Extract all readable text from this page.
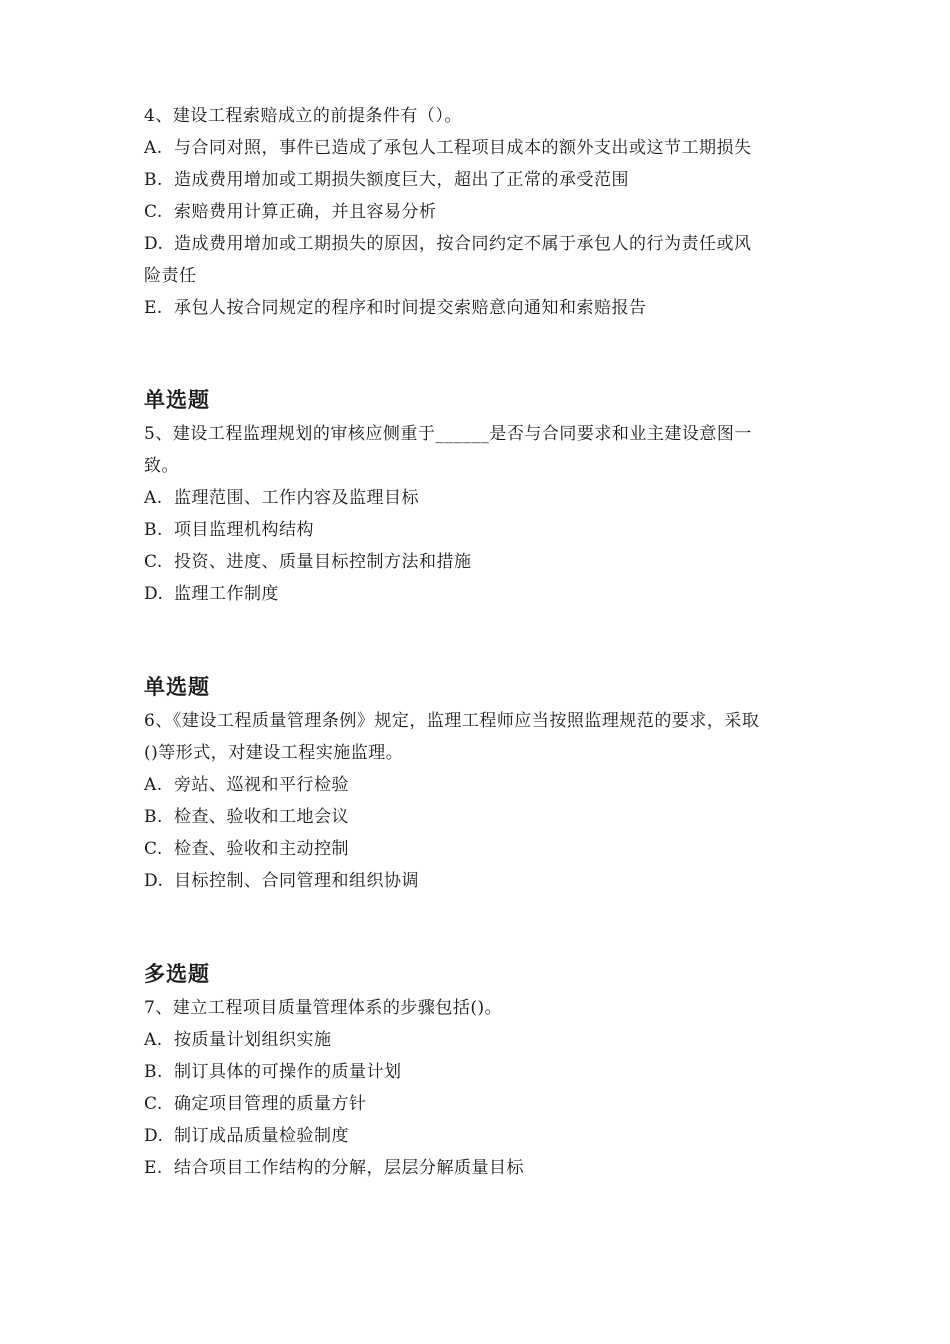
4、建设工程索赔成立的前提条件有（）。
A. 与合同对照，事件已造成了承包人工程项目成本的额外支出或这节工期损失
B. 造成费用增加或工期损失额度巨大，超出了正常的承受范围
C. 索赔费用计算正确，并且容易分析
D. 造成费用增加或工期损失的原因，按合同约定不属于承包人的行为责任或风
险责任
E. 承包人按合同规定的程序和时间提交索赔意向通知和索赔报告
单选题
5、建设工程监理规划的审核应侧重于______是否与合同要求和业主建设意图一
致。
A. 监理范围、工作内容及监理目标
B. 项目监理机构结构
C. 投资、进度、质量目标控制方法和措施
D. 监理工作制度
单选题
6、《建设工程质量管理条例》规定，监理工程师应当按照监理规范的要求，采取
()等形式，对建设工程实施监理。
A. 旁站、巡视和平行检验
B. 检查、验收和工地会议
C. 检查、验收和主动控制
D. 目标控制、合同管理和组织协调
多选题
7、建立工程项目质量管理体系的步骤包括()。
A. 按质量计划组织实施
B. 制订具体的可操作的质量计划
C. 确定项目管理的质量方针
D. 制订成品质量检验制度
E. 结合项目工作结构的分解，层层分解质量目标
